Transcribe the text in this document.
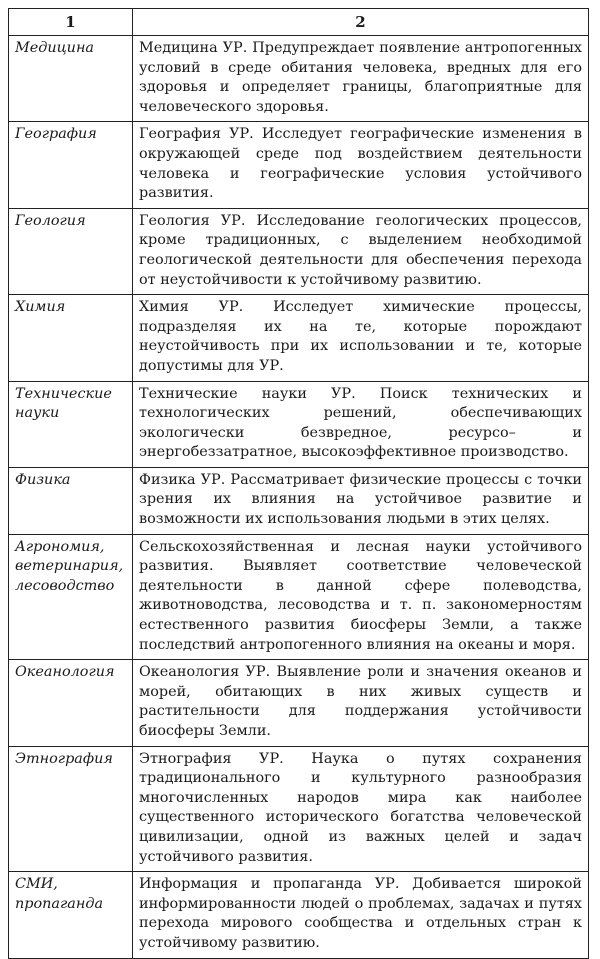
1	2
Медицина	Медицина УР. Предупреждает появление антропогенных условий в среде обитания человека, вредных для его здоровья и определяет границы, благоприятные для человеческого здоровья.
География	География УР. Исследует географические изменения в окружающей среде под воздействием деятельности человека и географические условия устойчивого развития.
Геология	Геология УР. Исследование геологических процессов, кроме традиционных, с выделением необходимой геологической деятельности для обеспечения перехода от неустойчивости к устойчивому развитию.
Химия	Химия УР. Исследует химические процессы, подразделяя их на те, которые порождают неустойчивость при их использовании и те, которые допустимы для УР.
Технические науки	Технические науки УР. Поиск технических и технологических решений, обеспечивающих экологически безвредное, ресурсо– и энергобеззатратное, высокоэффективное производство.
Физика	Физика УР. Рассматривает физические процессы с точки зрения их влияния на устойчивое развитие и возможности их использования людьми в этих целях.
Агрономия, ветеринария, лесоводство	Сельскохозяйственная и лесная науки устойчивого развития. Выявляет соответствие человеческой деятельности в данной сфере полеводства, животноводства, лесоводства и т. п. закономерностям естественного развития биосферы Земли, а также последствий антропогенного влияния на океаны и моря.
Океанология	Океанология УР. Выявление роли и значения океанов и морей, обитающих в них живых существ и растительности для поддержания устойчивости биосферы Земли.
Этнография	Этнография УР. Наука о путях сохранения традиционального и культурного разнообразия многочисленных народов мира как наиболее существенного исторического богатства человеческой цивилизации, одной из важных целей и задач устойчивого развития.
СМИ, пропаганда	Информация и пропаганда УР. Добивается широкой информированности людей о проблемах, задачах и путях перехода мирового сообщества и отдельных стран к устойчивому развитию.
